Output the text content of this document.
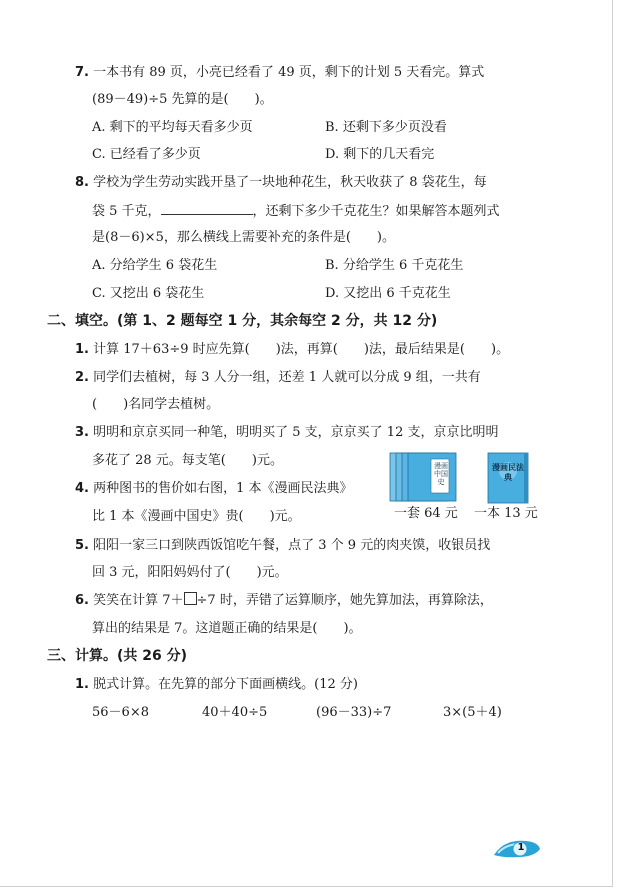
7. 一本书有 89 页，小亮已经看了 49 页，剩下的计划 5 天看完。算式
(89－49)÷5 先算的是(　　)。
A. 剩下的平均每天看多少页	B. 还剩下多少页没看
C. 已经看了多少页	D. 剩下的几天看完
8. 学校为学生劳动实践开垦了一块地种花生，秋天收获了 8 袋花生，每
袋 5 千克，	，还剩下多少千克花生？如果解答本题列式
是(8－6)×5，那么横线上需要补充的条件是(　　)。
A. 分给学生 6 袋花生	B. 分给学生 6 千克花生
C. 又挖出 6 袋花生	D. 又挖出 6 千克花生
二、填空。(第 1、2 题每空 1 分，其余每空 2 分，共 12 分)
1. 计算 17＋63÷9 时应先算(　　)法，再算(　　)法，最后结果是(　　)。
2. 同学们去植树，每 3 人分一组，还差 1 人就可以分成 9 组，一共有
(　　)名同学去植树。
3. 明明和京京买同一种笔，明明买了 5 支，京京买了 12 支，京京比明明
多花了 28 元。每支笔(　　)元。
4. 两种图书的售价如右图，1 本《漫画民法典》
比 1 本《漫画中国史》贵(　　)元。
漫画中国史
漫画民法典
一套 64 元 一本 13 元
5. 阳阳一家三口到陕西饭馆吃午餐，点了 3 个 9 元的肉夹馍，收银员找
回 3 元，阳阳妈妈付了(　　)元。
6. 笑笑在计算 7＋ ÷7 时，弄错了运算顺序，她先算加法，再算除法，
算出的结果是 7。这道题正确的结果是(　　)。
三、计算。(共 26 分)
1. 脱式计算。在先算的部分下面画横线。(12 分)
56－6×8	40＋40÷5	(96－33)÷7	3×(5＋4)
1
